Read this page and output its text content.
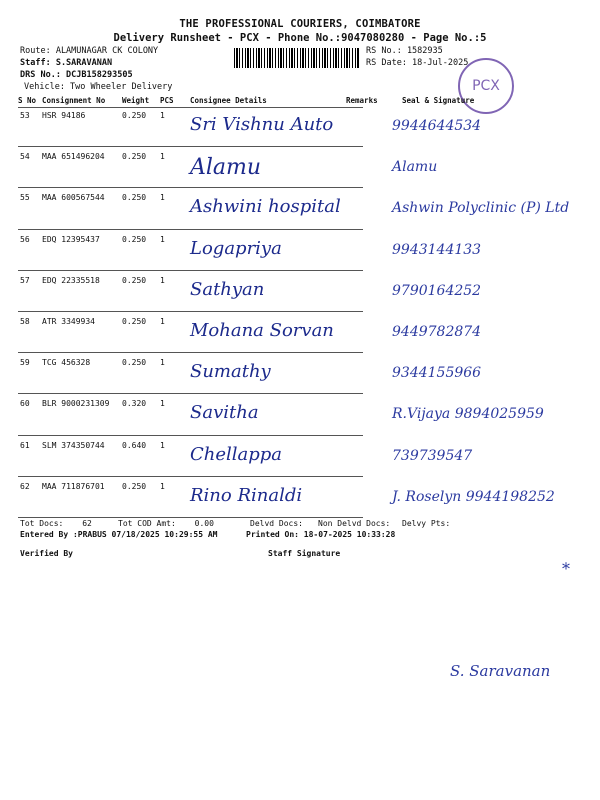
THE PROFESSIONAL COURIERS, COIMBATORE
Delivery Runsheet - PCX - Phone No.:9047080280 - Page No.:5
Route: ALAMUNAGAR CK COLONY
Staff: S.SARAVANAN
DRS No.: DCJB158293505
Vehicle: Two Wheeler Delivery
RS No.: 1582935
RS Date: 18-Jul-2025
PCX
S No Consignment No Weight PCS Consignee Details	Remarks	Seal & Signature
53 HSR 94186	0.250 1 Sri Vishnu Auto	9944644534
54 MAA 651496204 0.250 1 Alamu	Alamu
55 MAA 600567544 0.250 1 Ashwini hospital	Ashwin Polyclinic (P) Ltd
56 EDQ 12395437	0.250 1 Logapriya	9943144133
57 EDQ 22335518	0.250 1 Sathyan	9790164252
58 ATR 3349934	0.250 1 Mohana Sorvan	9449782874
59 TCG 456328	0.250 1 Sumathy	9344155966
60 BLR 9000231309 0.320 1 Savitha	R.Vijaya 9894025959
61 SLM 374350744 0.640 1 Chellappa	739739547
62 MAA 711876701 0.250 1 Rino Rinaldi	J. Roselyn 9944198252
Tot Docs: 62	Tot COD Amt: 0.00	Delvd Docs: Non Delvd Docs: Delvy Pts:
Entered By :PRABUS 07/18/2025 10:29:55 AM	Printed On: 18-07-2025 10:33:28
Verified By	Staff Signature
⁎
S. Saravanan
